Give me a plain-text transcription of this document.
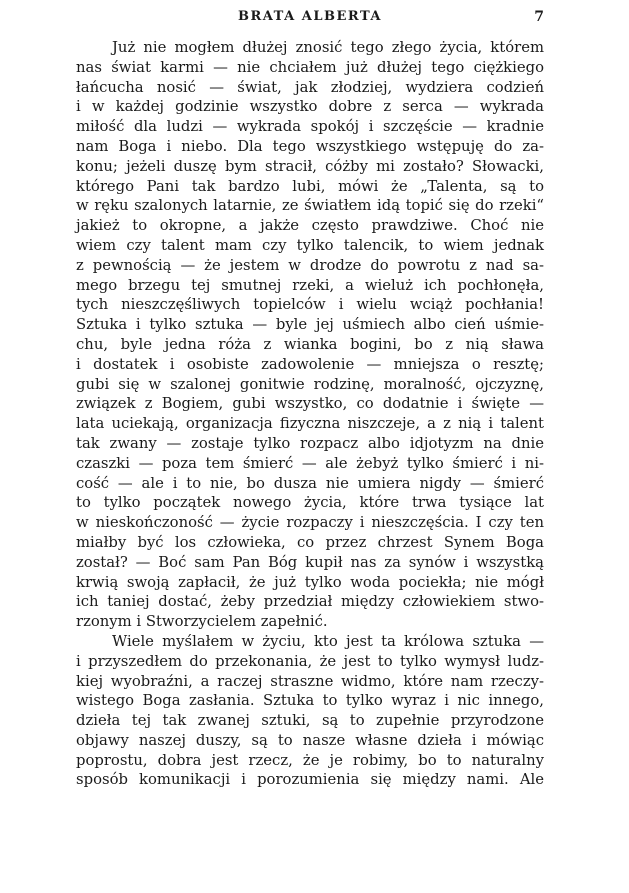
BRATA ALBERTA	7
Już nie mogłem dłużej znosić tego złego życia, którem
nas świat karmi — nie chciałem już dłużej tego ciężkiego
łańcucha nosić — świat, jak złodziej, wydziera codzień
i w każdej godzinie wszystko dobre z serca — wykrada
miłość dla ludzi — wykrada spokój i szczęście — kradnie
nam Boga i niebo. Dla tego wszystkiego wstępuję do za-
konu; jeżeli duszę bym stracił, cóżby mi zostało? Słowacki,
którego Pani tak bardzo lubi, mówi że „Talenta, są to
w ręku szalonych latarnie, ze światłem idą topić się do rzeki“
jakież to okropne, a jakże często prawdziwe. Choć nie
wiem czy talent mam czy tylko talencik, to wiem jednak
z pewnością — że jestem w drodze do powrotu z nad sa-
mego brzegu tej smutnej rzeki, a wieluż ich pochłonęła,
tych nieszczęśliwych topielców i wielu wciąż pochłania!
Sztuka i tylko sztuka — byle jej uśmiech albo cień uśmie-
chu, byle jedna róża z wianka bogini, bo z nią sława
i dostatek i osobiste zadowolenie — mniejsza o resztę;
gubi się w szalonej gonitwie rodzinę, moralność, ojczyznę,
związek z Bogiem, gubi wszystko, co dodatnie i święte —
lata uciekają, organizacja fizyczna niszczeje, a z nią i talent
tak zwany — zostaje tylko rozpacz albo idjotyzm na dnie
czaszki — poza tem śmierć — ale żebyż tylko śmierć i ni-
cość — ale i to nie, bo dusza nie umiera nigdy — śmierć
to tylko początek nowego życia, które trwa tysiące lat
w nieskończoność — życie rozpaczy i nieszczęścia. I czy ten
miałby być los człowieka, co przez chrzest Synem Boga
został? — Boć sam Pan Bóg kupił nas za synów i wszystką
krwią swoją zapłacił, że już tylko woda pociekła; nie mógł
ich taniej dostać, żeby przedział między człowiekiem stwo-
rzonym i Stworzycielem zapełnić.
Wiele myślałem w życiu, kto jest ta królowa sztuka —
i przyszedłem do przekonania, że jest to tylko wymysł ludz-
kiej wyobraźni, a raczej straszne widmo, które nam rzeczy-
wistego Boga zasłania. Sztuka to tylko wyraz i nic innego,
dzieła tej tak zwanej sztuki, są to zupełnie przyrodzone
objawy naszej duszy, są to nasze własne dzieła i mówiąc
poprostu, dobra jest rzecz, że je robimy, bo to naturalny
sposób komunikacji i porozumienia się między nami. Ale
